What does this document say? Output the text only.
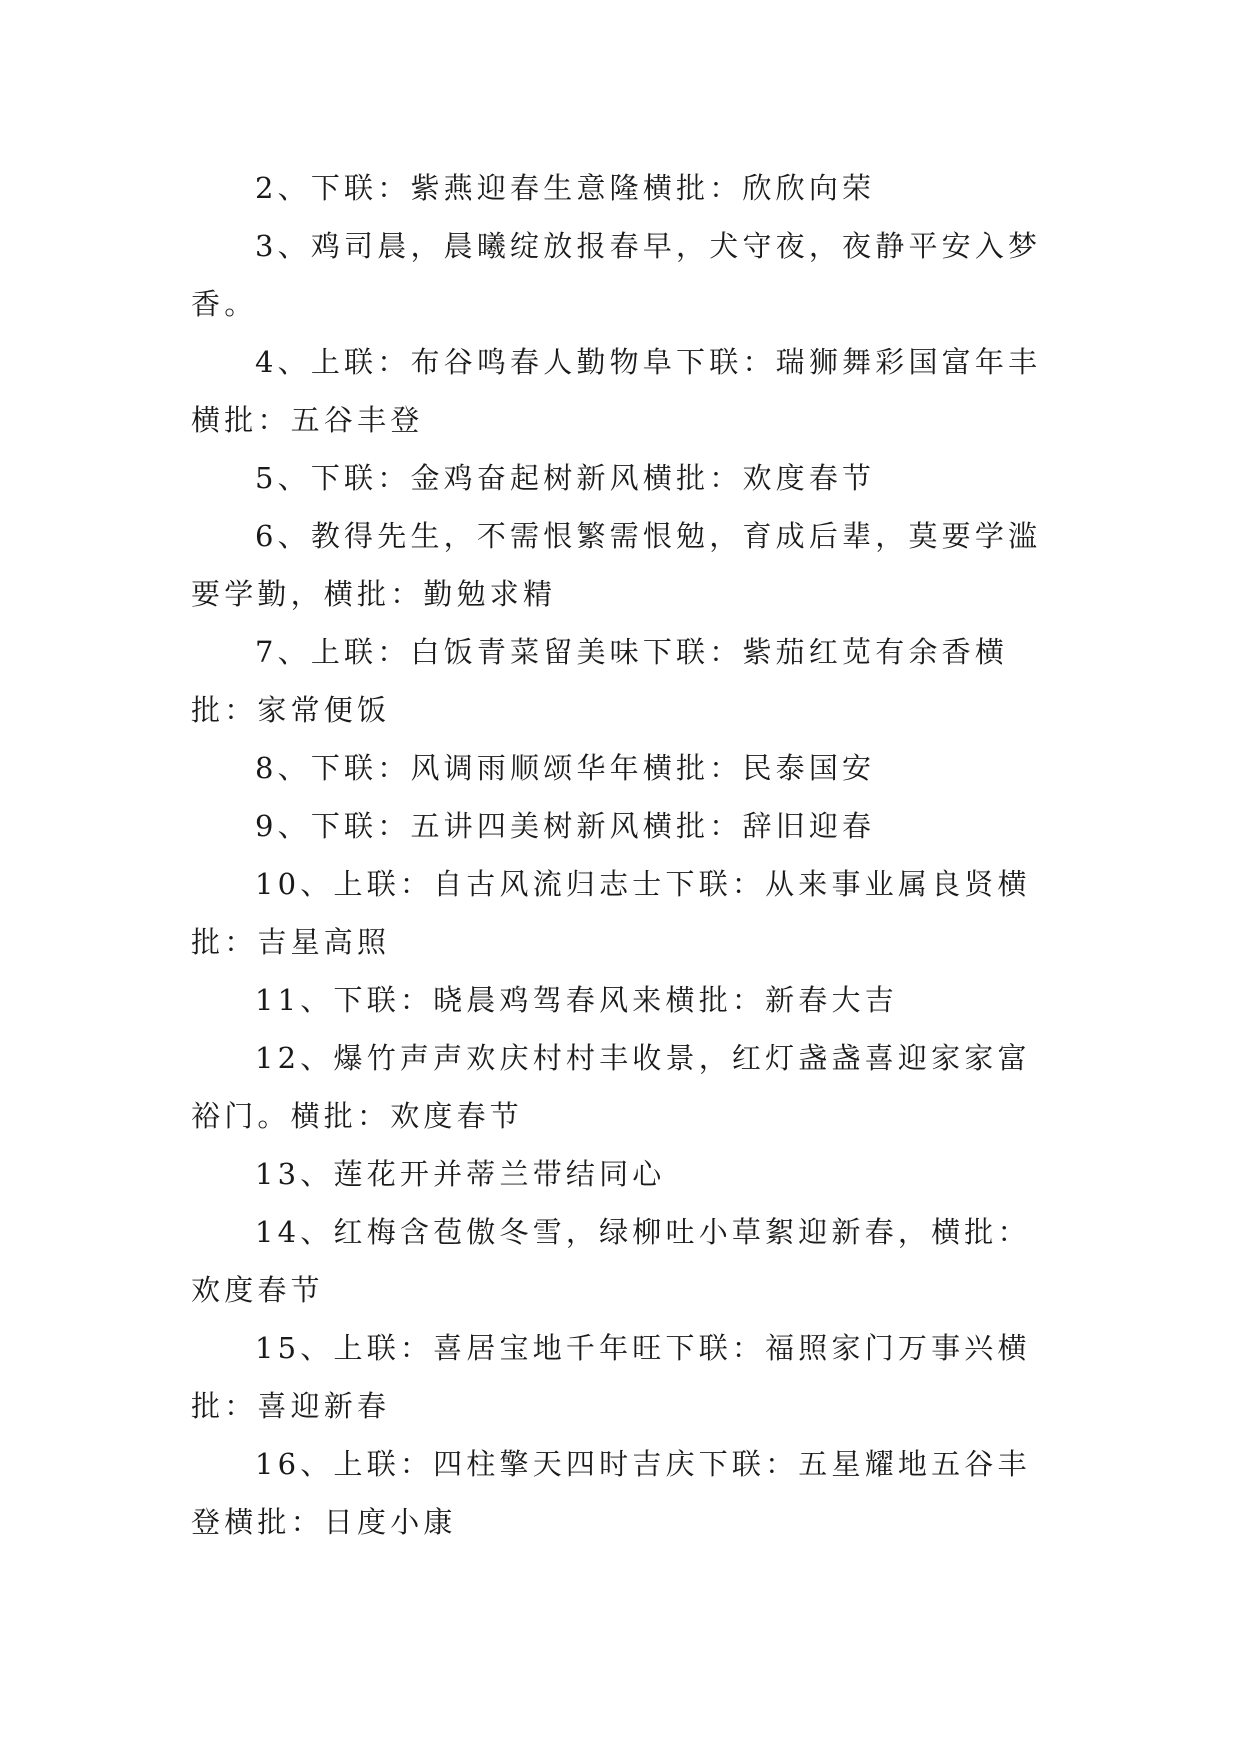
2、下联：紫燕迎春生意隆横批：欣欣向荣

3、鸡司晨，晨曦绽放报春早，犬守夜，夜静平安入梦香。

4、上联：布谷鸣春人勤物阜下联：瑞狮舞彩国富年丰横批：五谷丰登

5、下联：金鸡奋起树新风横批：欢度春节

6、教得先生，不需恨繁需恨勉，育成后辈，莫要学滥要学勤，横批：勤勉求精

7、上联：白饭青菜留美味下联：紫茄红苋有余香横批：家常便饭

8、下联：风调雨顺颂华年横批：民泰国安

9、下联：五讲四美树新风横批：辞旧迎春

10、上联：自古风流归志士下联：从来事业属良贤横批：吉星高照

11、下联：晓晨鸡驾春风来横批：新春大吉

12、爆竹声声欢庆村村丰收景，红灯盏盏喜迎家家富裕门。横批：欢度春节

13、莲花开并蒂兰带结同心

14、红梅含苞傲冬雪，绿柳吐小草絮迎新春，横批：欢度春节

15、上联：喜居宝地千年旺下联：福照家门万事兴横批：喜迎新春

16、上联：四柱擎天四时吉庆下联：五星耀地五谷丰登横批：日度小康
